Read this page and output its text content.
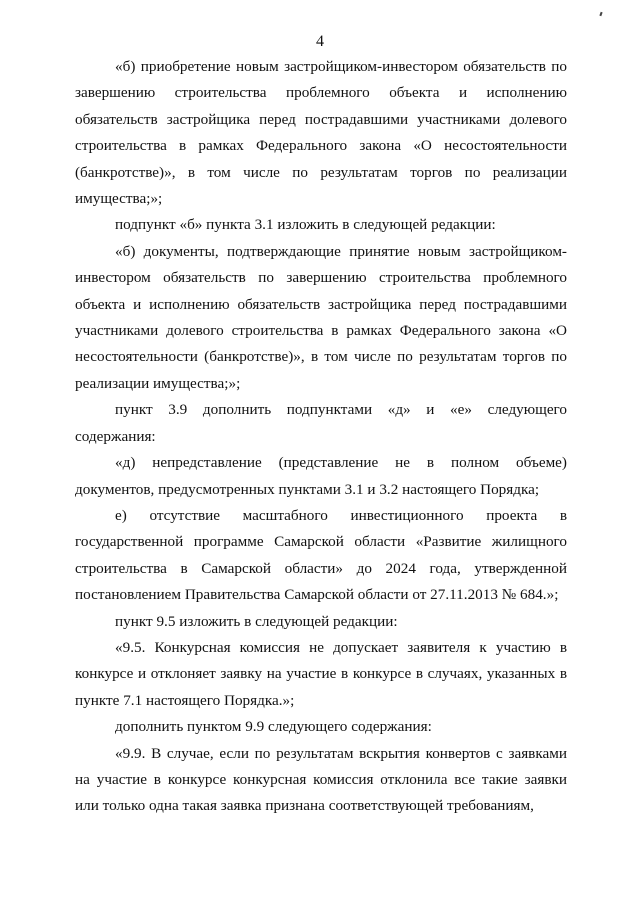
4

«б) приобретение новым застройщиком-инвестором обязательств по завершению строительства проблемного объекта и исполнению обязательств застройщика перед пострадавшими участниками долевого строительства в рамках Федерального закона «О несостоятельности (банкротстве)», в том числе по результатам торгов по реализации имущества;»;

подпункт «б» пункта 3.1 изложить в следующей редакции:

«б) документы, подтверждающие принятие новым застройщиком-инвестором обязательств по завершению строительства проблемного объекта и исполнению обязательств застройщика перед пострадавшими участниками долевого строительства в рамках Федерального закона «О несостоятельности (банкротстве)», в том числе по результатам торгов по реализации имущества;»;

пункт 3.9 дополнить подпунктами «д» и «е» следующего содержания:

«д) непредставление (представление не в полном объеме) документов, предусмотренных пунктами 3.1 и 3.2 настоящего Порядка;

е) отсутствие масштабного инвестиционного проекта в государственной программе Самарской области «Развитие жилищного строительства в Самарской области» до 2024 года, утвержденной постановлением Правительства Самарской области от 27.11.2013 № 684.»;

пункт 9.5 изложить в следующей редакции:

«9.5. Конкурсная комиссия не допускает заявителя к участию в конкурсе и отклоняет заявку на участие в конкурсе в случаях, указанных в пункте 7.1 настоящего Порядка.»;

дополнить пунктом 9.9 следующего содержания:

«9.9. В случае, если по результатам вскрытия конвертов с заявками на участие в конкурсе конкурсная комиссия отклонила все такие заявки или только одна такая заявка признана соответствующей требованиям,
